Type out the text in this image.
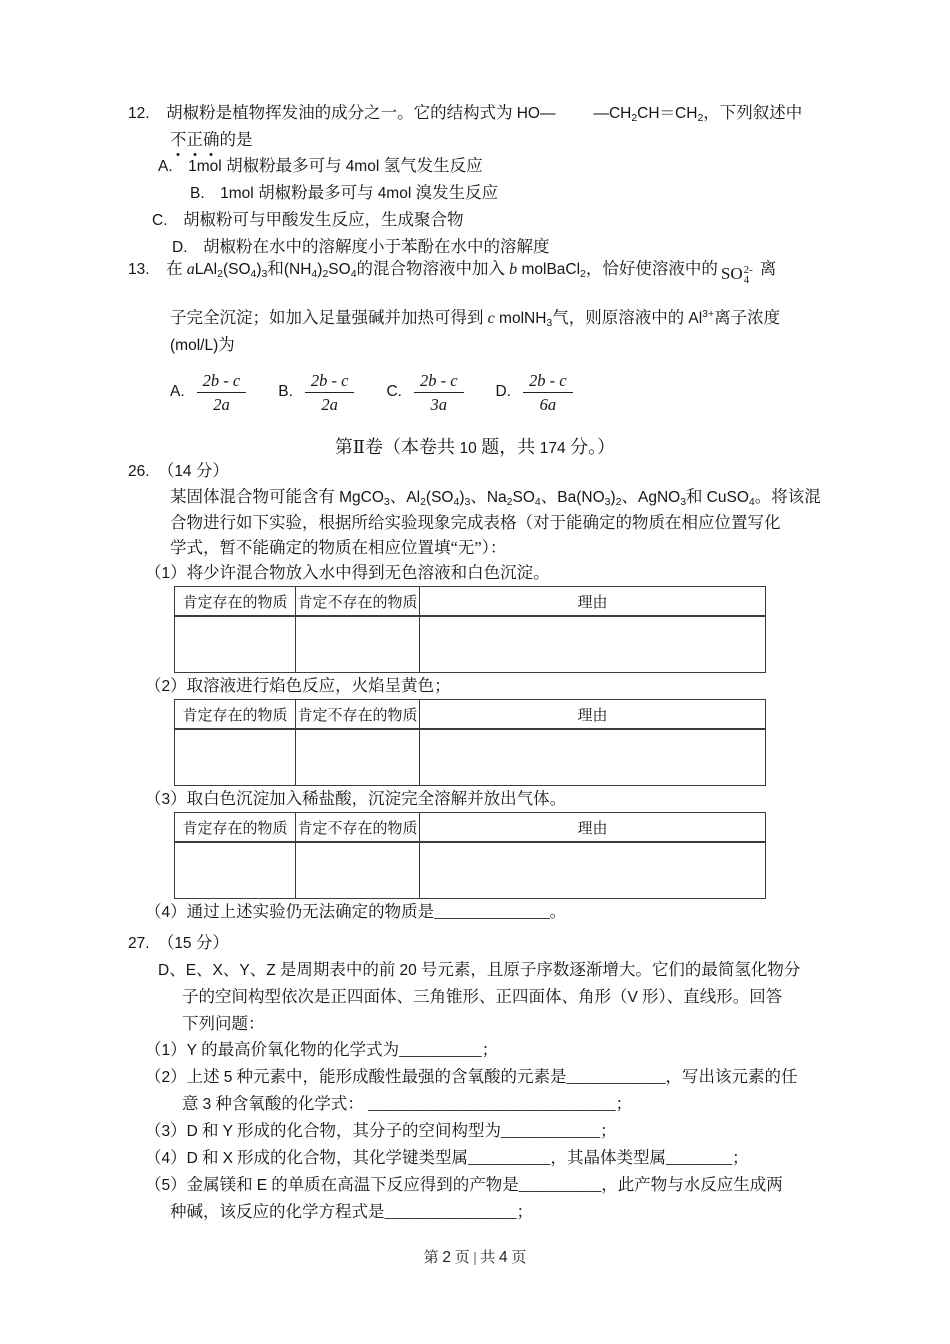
12.　胡椒粉是植物挥发油的成分之一。它的结构式为 HO— $—CH_2CH=CH_2$，下列叙述中
不正确的是
A.　1mol 胡椒粉最多可与 4mol 氢气发生反应
B.　1mol 胡椒粉最多可与 4mol 溴发生反应
C.　胡椒粉可与甲酸发生反应，生成聚合物
D.　胡椒粉在水中的溶解度小于苯酚在水中的溶解度
13.　在 $aLAl_2(SO_4)_3$和$(NH_4)_2SO_4$的混合物溶液中加入 b molBaCl$_2$，恰好使溶液中的 SO 2-
4
离
子完全沉淀；如加入足量强碱并加热可得到 c molNH$_3$气，则原溶液中的 $Al^{3+}$离子浓度
(mol/L)为
A. $\frac{2b - c}{2a} B$. $\frac{2b - c}{2a} C$. $\frac{2b - c}{3a} D$. $\frac{2b - c}{6a}$
第Ⅱ卷（本卷共 10 题，共 174 分。）
26.　（14 分）
某固体混合物可能含有 MgCO$_3$、$Al_2(SO_4)_3$、$Na_2SO_4$、$Ba(NO_3)_2$、AgNO$_3$和 CuSO$_4$。将该混
合物进行如下实验，根据所给实验现象完成表格（对于能确定的物质在相应位置写化
学式，暂不能确定的物质在相应位置填“无”）：
（1）将少许混合物放入水中得到无色溶液和白色沉淀。
肯定存在的物质	肯定不存在的物质	理由

（2）取溶液进行焰色反应，火焰呈黄色；
肯定存在的物质	肯定不存在的物质	理由

（3）取白色沉淀加入稀盐酸，沉淀完全溶解并放出气体。
肯定存在的物质	肯定不存在的物质	理由

（4）通过上述实验仍无法确定的物质是______________。
27.　（15 分）
D、E、X、Y、Z 是周期表中的前 20 号元素，且原子序数逐渐增大。它们的最简氢化物分
子的空间构型依次是正四面体、三角锥形、正四面体、角形（V 形）、直线形。回答
下列问题：
（1）Y 的最高价氧化物的化学式为__________；
（2）上述 5 种元素中，能形成酸性最强的含氧酸的元素是____________，写出该元素的任
意 3 种含氧酸的化学式： ______________________________；
（3）D 和 Y 形成的化合物，其分子的空间构型为____________；
（4）D 和 X 形成的化合物，其化学键类型属__________，其晶体类型属________；
（5）金属镁和 E 的单质在高温下反应得到的产物是__________，此产物与水反应生成两
种碱，该反应的化学方程式是________________；
第 2 页 | 共 4 页
